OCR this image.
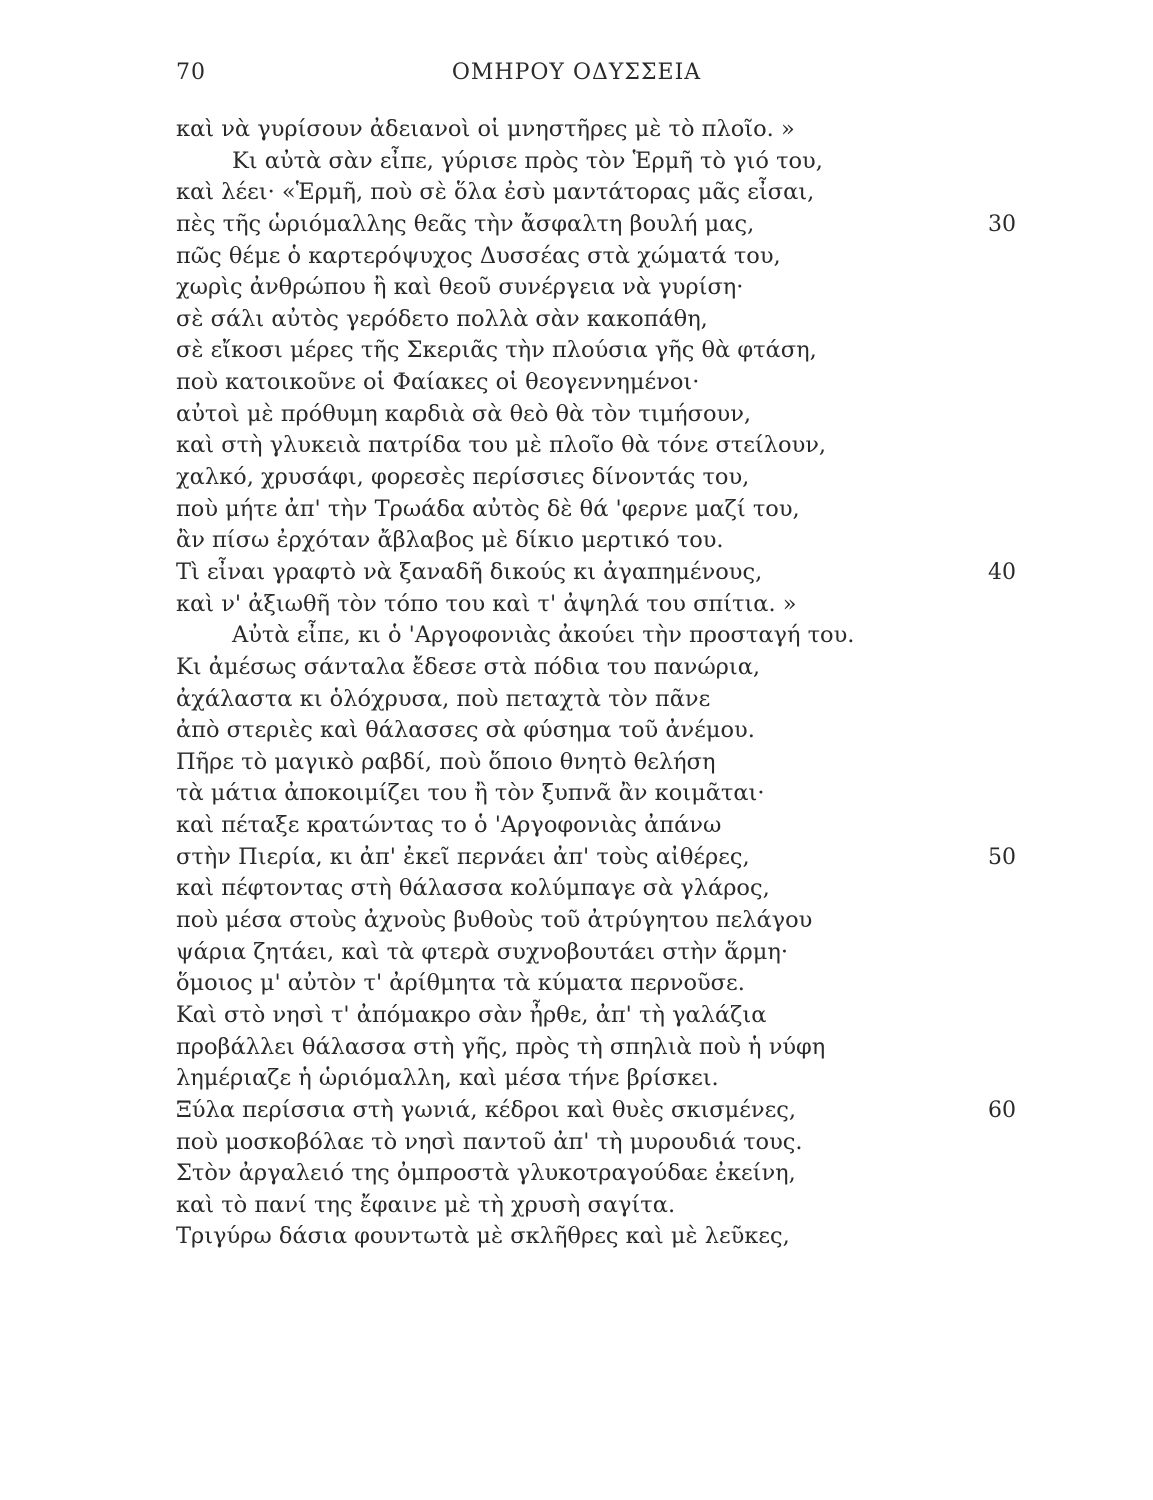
70	ΟΜΗΡΟΥ ΟΔΥΣΣΕΙΑ
καὶ νὰ γυρίσουν ἀδειανοὶ οἱ μνηστῆρες μὲ τὸ πλοῖο. »
Κι αὐτὰ σὰν εἶπε, γύρισε πρὸς τὸν Ἑρμῆ τὸ γιό του,
καὶ λέει· «Ἑρμῆ, ποὺ σὲ ὅλα ἐσὺ μαντάτορας μᾶς εἶσαι,
πὲς τῆς ὡριόμαλλης θεᾶς τὴν ἄσφαλτη βουλή μας,	30
πῶς θέμε ὁ καρτερόψυχος Δυσσέας στὰ χώματά του,
χωρὶς ἀνθρώπου ἢ καὶ θεοῦ συνέργεια νὰ γυρίση·
σὲ σάλι αὐτὸς γερόδετο πολλὰ σὰν κακοπάθη,
σὲ εἴκοσι μέρες τῆς Σκεριᾶς τὴν πλούσια γῆς θὰ φτάση,
ποὺ κατοικοῦνε οἱ Φαίακες οἱ θεογεννημένοι·
αὐτοὶ μὲ πρόθυμη καρδιὰ σὰ θεὸ θὰ τὸν τιμήσουν,
καὶ στὴ γλυκειὰ πατρίδα του μὲ πλοῖο θὰ τόνε στείλουν,
χαλκό, χρυσάφι, φορεσὲς περίσσιες δίνοντάς του,
ποὺ μήτε ἀπ' τὴν Τρωάδα αὐτὸς δὲ θά 'φερνε μαζί του,
ἂν πίσω ἐρχόταν ἄβλαβος μὲ δίκιο μερτικό του.
Τὶ εἶναι γραφτὸ νὰ ξαναδῆ δικούς κι ἀγαπημένους,	40
καὶ ν' ἀξιωθῆ τὸν τόπο του καὶ τ' ἀψηλά του σπίτια. »
Αὐτὰ εἶπε, κι ὁ 'Αργοφονιὰς ἀκούει τὴν προσταγή του.
Κι ἀμέσως σάνταλα ἔδεσε στὰ πόδια του πανώρια,
ἀχάλαστα κι ὁλόχρυσα, ποὺ πεταχτὰ τὸν πᾶνε
ἀπὸ στεριὲς καὶ θάλασσες σὰ φύσημα τοῦ ἀνέμου.
Πῆρε τὸ μαγικὸ ραβδί, ποὺ ὅποιο θνητὸ θελήση
τὰ μάτια ἀποκοιμίζει του ἢ τὸν ξυπνᾶ ἂν κοιμᾶται·
καὶ πέταξε κρατώντας το ὁ 'Αργοφονιὰς ἀπάνω
στὴν Πιερία, κι ἀπ' ἐκεῖ περνάει ἀπ' τοὺς αἰθέρες,	50
καὶ πέφτοντας στὴ θάλασσα κολύμπαγε σὰ γλάρος,
ποὺ μέσα στοὺς ἀχνοὺς βυθοὺς τοῦ ἀτρύγητου πελάγου
ψάρια ζητάει, καὶ τὰ φτερὰ συχνοβουτάει στὴν ἅρμη·
ὅμοιος μ' αὐτὸν τ' ἀρίθμητα τὰ κύματα περνοῦσε.
Καὶ στὸ νησὶ τ' ἀπόμακρο σὰν ἦρθε, ἀπ' τὴ γαλάζια
προβάλλει θάλασσα στὴ γῆς, πρὸς τὴ σπηλιὰ ποὺ ἡ νύφη
λημέριαζε ἡ ὡριόμαλλη, καὶ μέσα τήνε βρίσκει.
Ξύλα περίσσια στὴ γωνιά, κέδροι καὶ θυὲς σκισμένες,	60
ποὺ μοσκοβόλαε τὸ νησὶ παντοῦ ἀπ' τὴ μυρουδιά τους.
Στὸν ἀργαλειό της ὀμπροστὰ γλυκοτραγούδαε ἐκείνη,
καὶ τὸ πανί της ἔφαινε μὲ τὴ χρυσὴ σαγίτα.
Τριγύρω δάσια φουντωτὰ μὲ σκλῆθρες καὶ μὲ λεῦκες,
